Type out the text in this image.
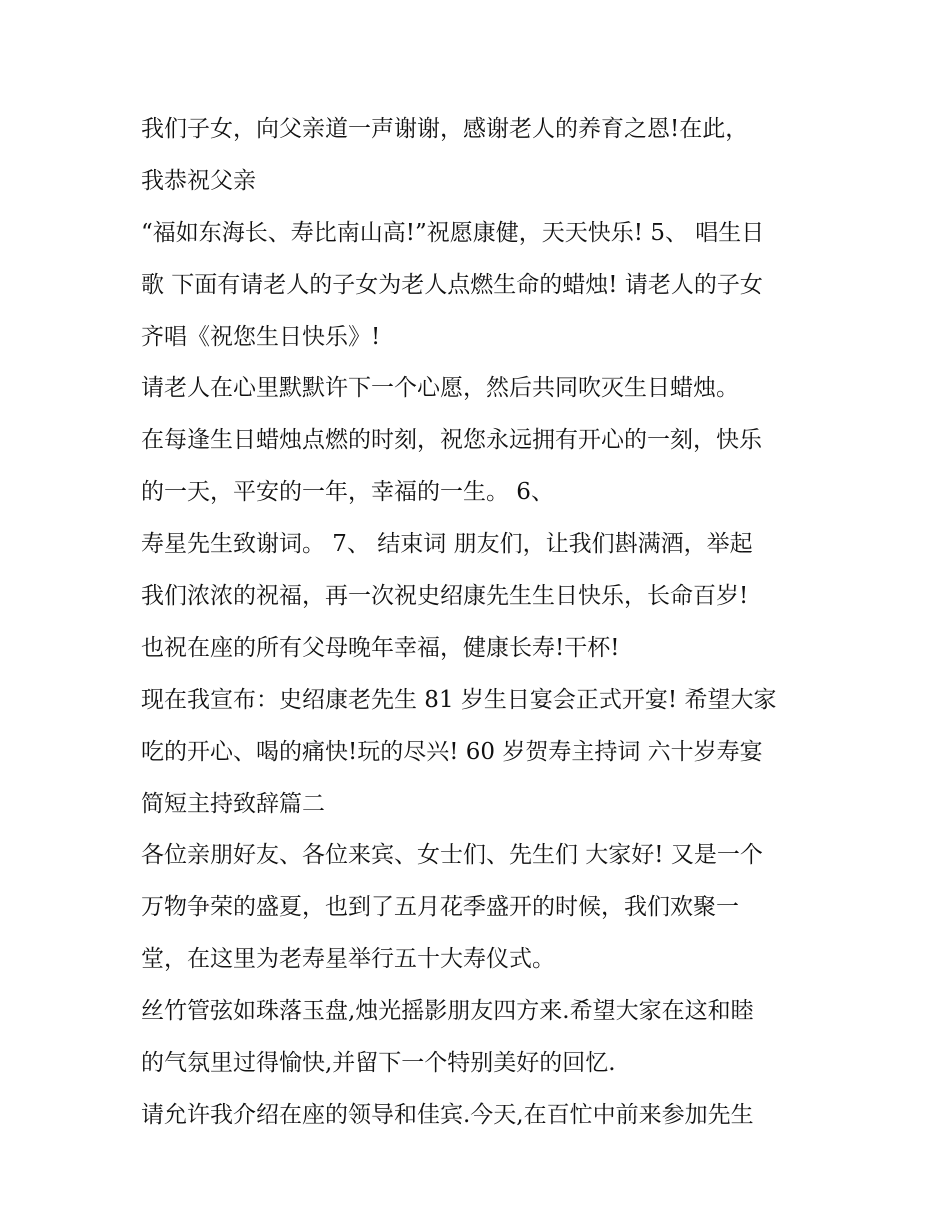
我们子女，向父亲道一声谢谢，感谢老人的养育之恩!在此，
我恭祝父亲
“福如东海长、寿比南山高!”祝愿康健，天天快乐! 5、 唱生日
歌 下面有请老人的子女为老人点燃生命的蜡烛! 请老人的子女
齐唱《祝您生日快乐》!
请老人在心里默默许下一个心愿，然后共同吹灭生日蜡烛。
在每逢生日蜡烛点燃的时刻，祝您永远拥有开心的一刻，快乐
的一天，平安的一年，幸福的一生。 6、
寿星先生致谢词。 7、 结束词 朋友们，让我们斟满酒，举起
我们浓浓的祝福，再一次祝史绍康先生生日快乐，长命百岁!
也祝在座的所有父母晚年幸福，健康长寿!干杯!
现在我宣布：史绍康老先生 81 岁生日宴会正式开宴! 希望大家
吃的开心、喝的痛快!玩的尽兴! 60 岁贺寿主持词 六十岁寿宴
简短主持致辞篇二
各位亲朋好友、各位来宾、女士们、先生们 大家好! 又是一个
万物争荣的盛夏，也到了五月花季盛开的时候，我们欢聚一
堂，在这里为老寿星举行五十大寿仪式。
丝竹管弦如珠落玉盘,烛光摇影朋友四方来.希望大家在这和睦
的气氛里过得愉快,并留下一个特别美好的回忆.
请允许我介绍在座的领导和佳宾.今天,在百忙中前来参加先生
